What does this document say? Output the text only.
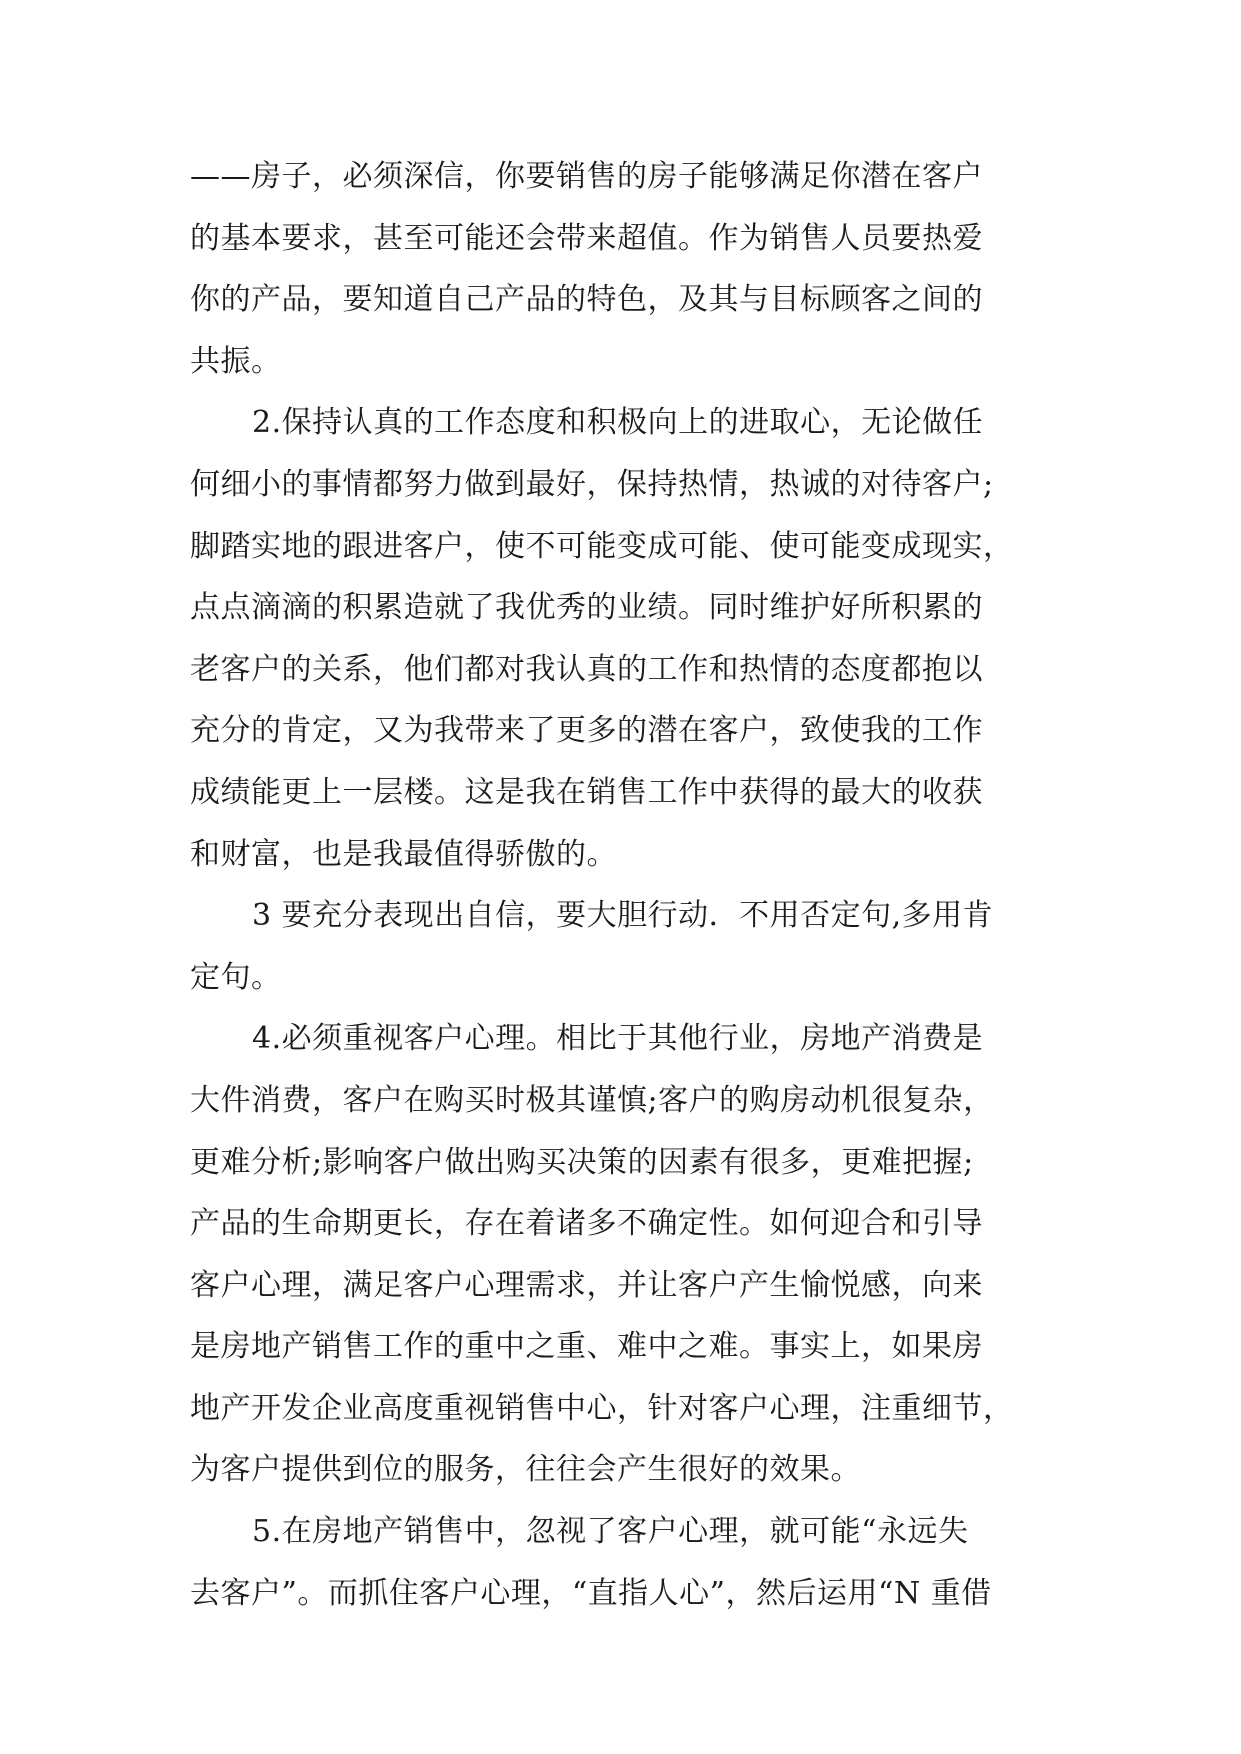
——房子，必须深信，你要销售的房子能够满足你潜在客户
的基本要求，甚至可能还会带来超值。作为销售人员要热爱
你的产品，要知道自己产品的特色，及其与目标顾客之间的
共振。
2.保持认真的工作态度和积极向上的进取心，无论做任
何细小的事情都努力做到最好，保持热情，热诚的对待客户;
脚踏实地的跟进客户，使不可能变成可能、使可能变成现实，
点点滴滴的积累造就了我优秀的业绩。同时维护好所积累的
老客户的关系，他们都对我认真的工作和热情的态度都抱以
充分的肯定，又为我带来了更多的潜在客户，致使我的工作
成绩能更上一层楼。这是我在销售工作中获得的最大的收获
和财富，也是我最值得骄傲的。
3 要充分表现出自信，要大胆行动．不用否定句,多用肯
定句。
4.必须重视客户心理。相比于其他行业，房地产消费是
大件消费，客户在购买时极其谨慎;客户的购房动机很复杂，
更难分析;影响客户做出购买决策的因素有很多，更难把握;
产品的生命期更长，存在着诸多不确定性。如何迎合和引导
客户心理，满足客户心理需求，并让客户产生愉悦感，向来
是房地产销售工作的重中之重、难中之难。事实上，如果房
地产开发企业高度重视销售中心，针对客户心理，注重细节，
为客户提供到位的服务，往往会产生很好的效果。
5.在房地产销售中，忽视了客户心理，就可能“永远失
去客户”。而抓住客户心理，“直指人心”，然后运用“N 重借
